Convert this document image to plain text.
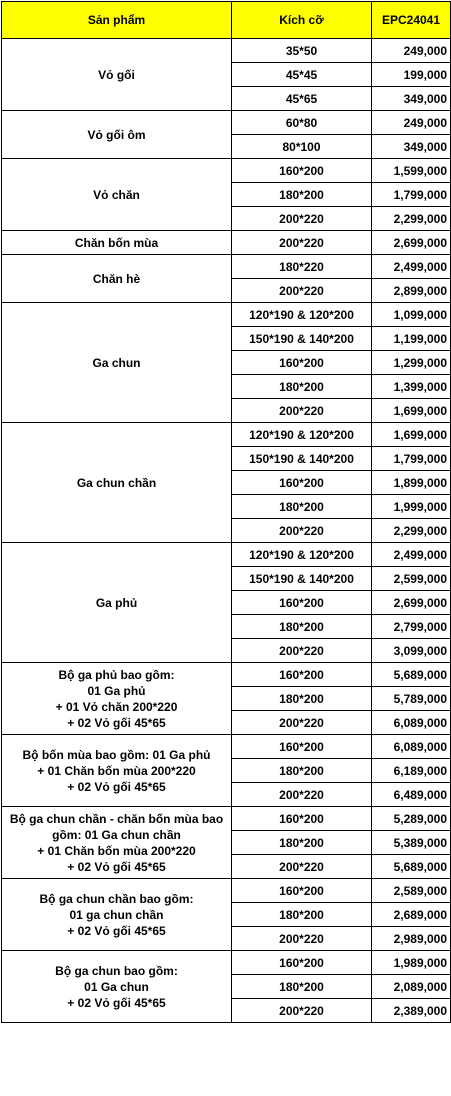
Sản phẩm	Kích cỡ	EPC24041

Vỏ gối	35*50	249,000
	45*45	199,000
	45*65	349,000

Vỏ gối ôm	60*80	249,000
	80*100	349,000

Vỏ chăn	160*200	1,599,000
	180*200	1,799,000
	200*220	2,299,000

Chăn bốn mùa	200*220	2,699,000

Chăn hè	180*220	2,499,000
	200*220	2,899,000

Ga chun	120*190 & 120*200	1,099,000
	150*190 & 140*200	1,199,000
	160*200	1,299,000
	180*200	1,399,000
	200*220	1,699,000

Ga chun chần	120*190 & 120*200	1,699,000
	150*190 & 140*200	1,799,000
	160*200	1,899,000
	180*200	1,999,000
	200*220	2,299,000

Ga phủ	120*190 & 120*200	2,499,000
	150*190 & 140*200	2,599,000
	160*200	2,699,000
	180*200	2,799,000
	200*220	3,099,000

Bộ ga phủ bao gồm:
01 Ga phủ
+ 01 Vỏ chăn 200*220
+ 02 Vỏ gối 45*65	160*200	5,689,000
	180*200	5,789,000
	200*220	6,089,000

Bộ bốn mùa bao gồm: 01 Ga phủ
+ 01 Chăn bốn mùa 200*220
+ 02 Vỏ gối 45*65	160*200	6,089,000
	180*200	6,189,000
	200*220	6,489,000

Bộ ga chun chần - chăn bốn mùa bao
gồm: 01 Ga chun chần
+ 01 Chăn bốn mùa 200*220
+ 02 Vỏ gối 45*65	160*200	5,289,000
	180*200	5,389,000
	200*220	5,689,000

Bộ ga chun chần bao gồm:
01 ga chun chần
+ 02 Vỏ gối 45*65	160*200	2,589,000
	180*200	2,689,000
	200*220	2,989,000

Bộ ga chun bao gồm:
01 Ga chun
+ 02 Vỏ gối 45*65	160*200	1,989,000
	180*200	2,089,000
	200*220	2,389,000
